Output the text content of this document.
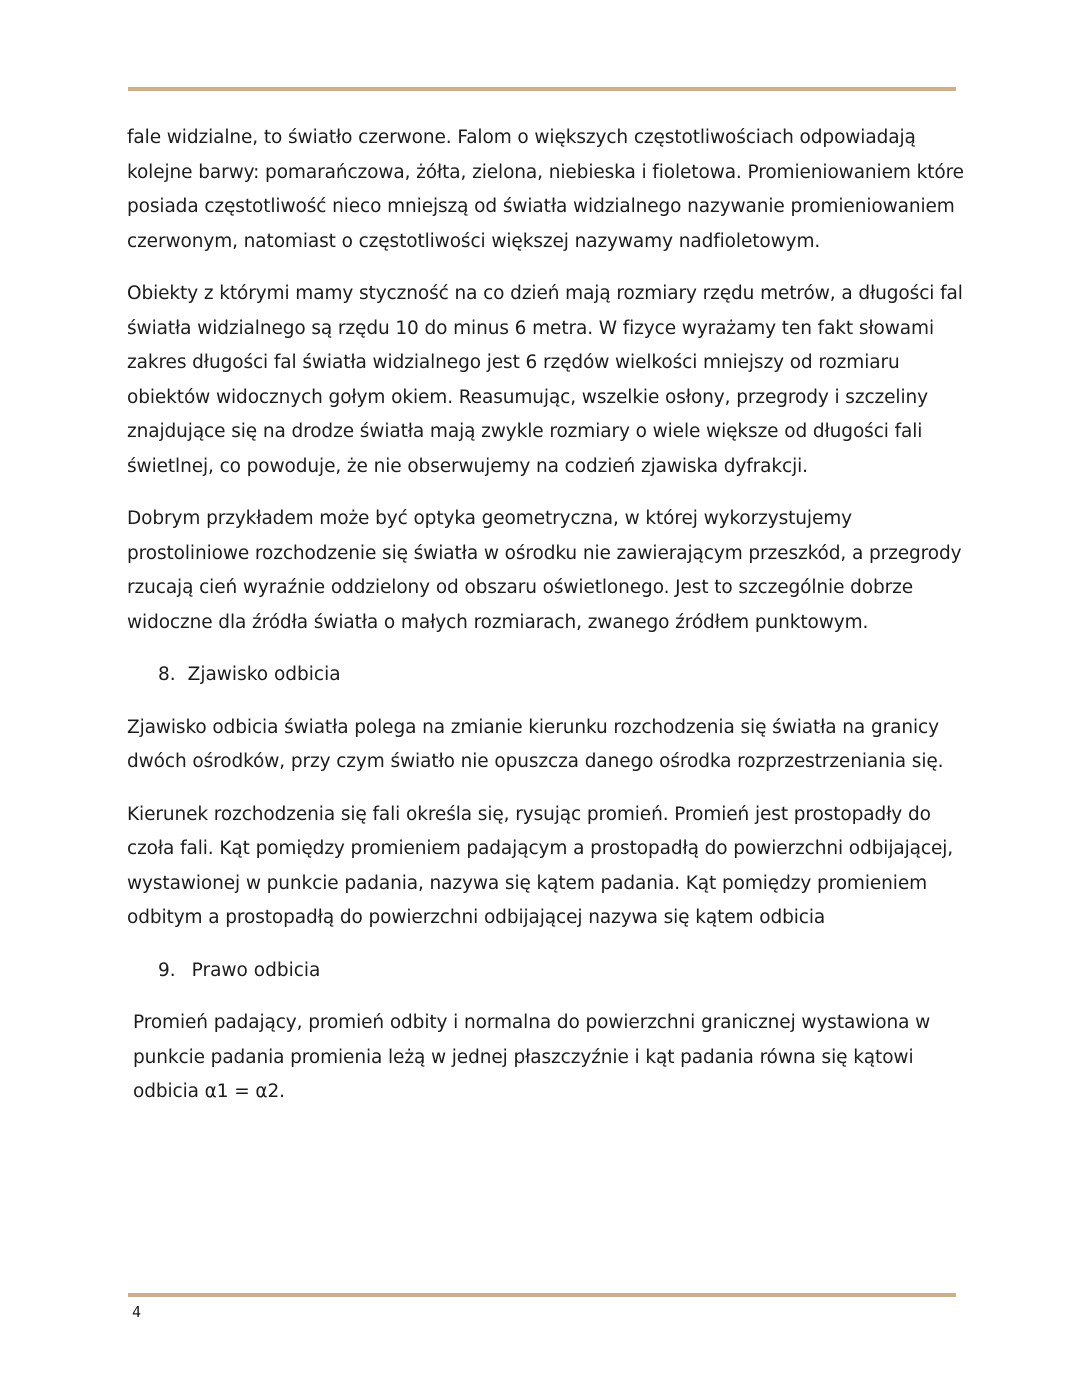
fale widzialne, to światło czerwone. Falom o większych częstotliwościach odpowiadają kolejne barwy: pomarańczowa, żółta, zielona, niebieska i fioletowa. Promieniowaniem które posiada częstotliwość nieco mniejszą od światła widzialnego nazywanie promieniowaniem czerwonym, natomiast o częstotliwości większej nazywamy nadfioletowym.

Obiekty z którymi mamy styczność na co dzień mają rozmiary rzędu metrów, a długości fal światła widzialnego są rzędu 10 do minus 6 metra. W fizyce wyrażamy ten fakt słowami zakres długości fal światła widzialnego jest 6 rzędów wielkości mniejszy od rozmiaru obiektów widocznych gołym okiem. Reasumując, wszelkie osłony, przegrody i szczeliny znajdujące się na drodze światła mają zwykle rozmiary o wiele większe od długości fali świetlnej, co powoduje, że nie obserwujemy na codzień zjawiska dyfrakcji.

Dobrym przykładem może być optyka geometryczna, w której wykorzystujemy prostoliniowe rozchodzenie się światła w ośrodku nie zawierającym przeszkód, a przegrody rzucają cień wyraźnie oddzielony od obszaru oświetlonego. Jest to szczególnie dobrze widoczne dla źródła światła o małych rozmiarach, zwanego źródłem punktowym.

8. Zjawisko odbicia

Zjawisko odbicia światła polega na zmianie kierunku rozchodzenia się światła na granicy dwóch ośrodków, przy czym światło nie opuszcza danego ośrodka rozprzestrzeniania się.

Kierunek rozchodzenia się fali określa się, rysując promień. Promień jest prostopadły do czoła fali. Kąt pomiędzy promieniem padającym a prostopadłą do powierzchni odbijającej, wystawionej w punkcie padania, nazywa się kątem padania. Kąt pomiędzy promieniem odbitym a prostopadłą do powierzchni odbijającej nazywa się kątem odbicia

9. Prawo odbicia

Promień padający, promień odbity i normalna do powierzchni granicznej wystawiona w punkcie padania promienia leżą w jednej płaszczyźnie i kąt padania równa się kątowi odbicia α1 = α2.

4
